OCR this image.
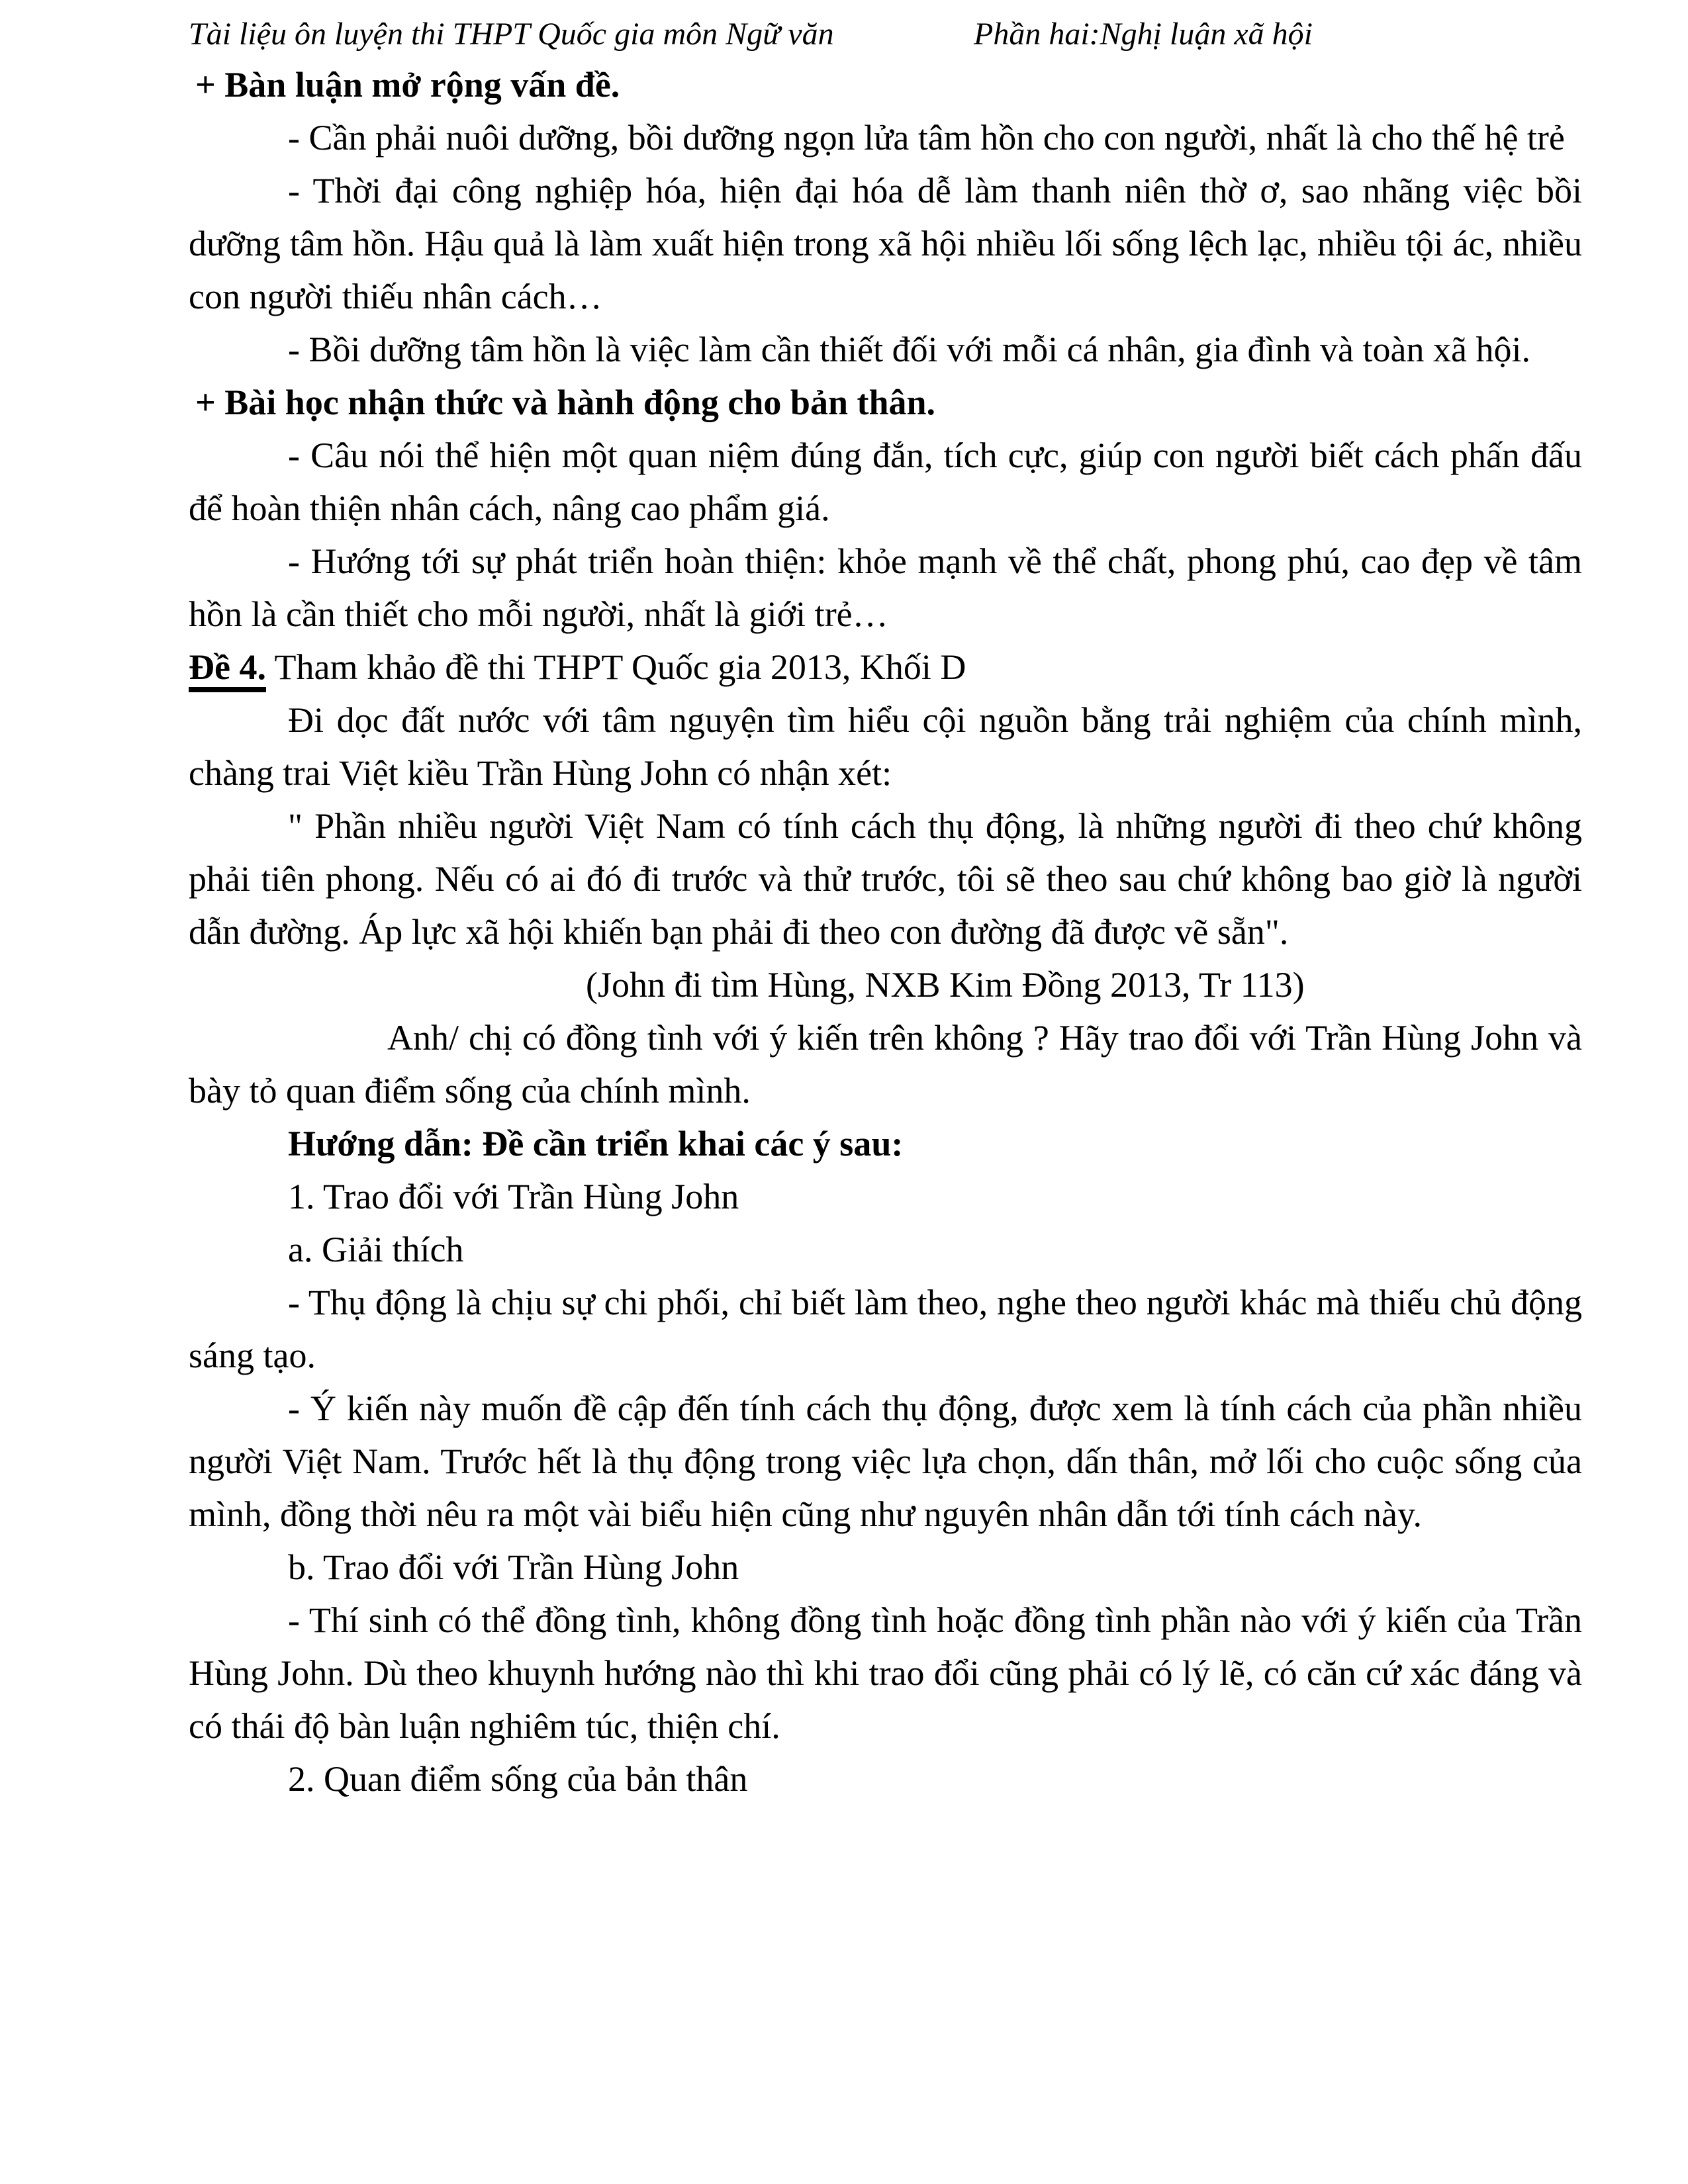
Tài liệu ôn luyện thi THPT Quốc gia môn Ngữ văn	Phần hai:Nghị luận xã hội

+ Bàn luận mở rộng vấn đề.

- Cần phải nuôi dưỡng, bồi dưỡng ngọn lửa tâm hồn cho con người, nhất là cho thế hệ trẻ

- Thời đại công nghiệp hóa, hiện đại hóa dễ làm thanh niên thờ ơ, sao nhãng việc bồi dưỡng tâm hồn. Hậu quả là làm xuất hiện trong xã hội nhiều lối sống lệch lạc, nhiều tội ác, nhiều con người thiếu nhân cách…

- Bồi dưỡng tâm hồn là việc làm cần thiết đối với mỗi cá nhân, gia đình và toàn xã hội.

+ Bài học nhận thức và hành động cho bản thân.

- Câu nói thể hiện một quan niệm đúng đắn, tích cực, giúp con người biết cách phấn đấu để hoàn thiện nhân cách, nâng cao phẩm giá.

- Hướng tới sự phát triển hoàn thiện: khỏe mạnh về thể chất, phong phú, cao đẹp về tâm hồn là cần thiết cho mỗi người, nhất là giới trẻ…

Đề 4. Tham khảo đề thi THPT Quốc gia 2013, Khối D

Đi dọc đất nước với tâm nguyện tìm hiểu cội nguồn bằng trải nghiệm của chính mình, chàng trai Việt kiều Trần Hùng John có nhận xét:

" Phần nhiều người Việt Nam có tính cách thụ động, là những người đi theo chứ không phải tiên phong. Nếu có ai đó đi trước và thử trước, tôi sẽ theo sau chứ không bao giờ là người dẫn đường. Áp lực xã hội khiến bạn phải đi theo con đường đã được vẽ sẵn".

(John đi tìm Hùng, NXB Kim Đồng 2013, Tr 113)

Anh/ chị có đồng tình với ý kiến trên không ? Hãy trao đổi với Trần Hùng John và bày tỏ quan điểm sống của chính mình.

Hướng dẫn: Đề cần triển khai các ý sau:

1. Trao đổi với Trần Hùng John

a. Giải thích

- Thụ động là chịu sự chi phối, chỉ biết làm theo, nghe theo người khác mà thiếu chủ động sáng tạo.

- Ý kiến này muốn đề cập đến tính cách thụ động, được xem là tính cách của phần nhiều người Việt Nam. Trước hết là thụ động trong việc lựa chọn, dấn thân, mở lối cho cuộc sống của mình, đồng thời nêu ra một vài biểu hiện cũng như nguyên nhân dẫn tới tính cách này.

b. Trao đổi với Trần Hùng John

- Thí sinh có thể đồng tình, không đồng tình hoặc đồng tình phần nào với ý kiến của Trần Hùng John. Dù theo khuynh hướng nào thì khi trao đổi cũng phải có lý lẽ, có căn cứ xác đáng và có thái độ bàn luận nghiêm túc, thiện chí.

2. Quan điểm sống của bản thân
